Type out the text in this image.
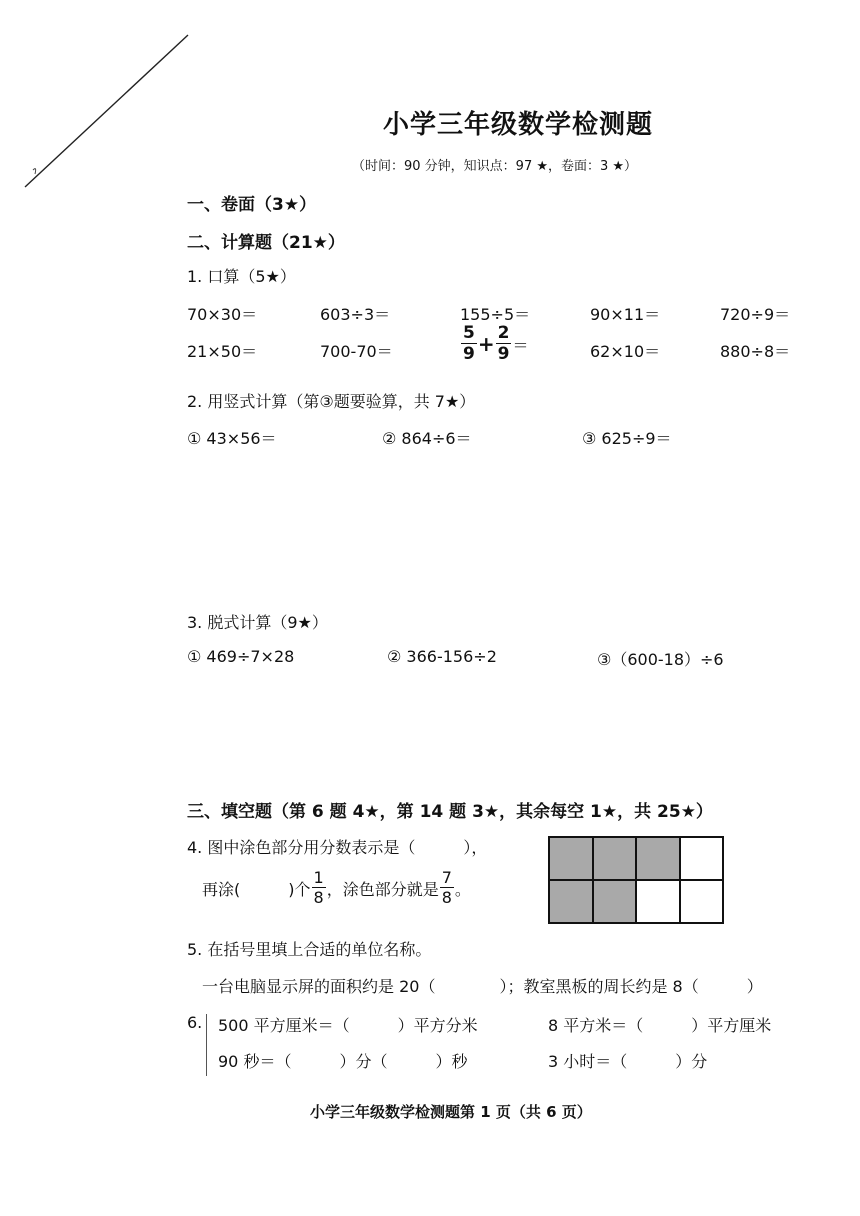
小学三年级数学检测题
（时间：90 分钟，知识点：97 ★，卷面：3 ★）
一、卷面（3★）
二、计算题（21★）
1. 口算（5★）
70×30＝	603÷3＝	155÷5＝	90×11＝	720÷9＝
21×50＝	700-70＝	$\frac{5}{9} + \frac{2}{9}$ ＝	62×10＝	880÷8＝
2. 用竖式计算（第③题要验算，共 7★）
① 43×56＝	② 864÷6＝	③ 625÷9＝
3. 脱式计算（9★）
① 469÷7×28	② 366-156÷2	③（600-18）÷6
三、填空题（第 6 题 4★，第 14 题 3★，其余每空 1★，共 25★）
4. 图中涂色部分用分数表示是（　　　），
再涂(　　　)个 $\frac{1}{8}$ ，涂色部分就是 $\frac{7}{8}$ 。
5. 在括号里填上合适的单位名称。
一台电脑显示屏的面积约是 20（　　　　）；教室黑板的周长约是 8（　　　）
6. 500 平方厘米＝（　　　）平方分米	8 平方米＝（　　　）平方厘米
90 秒＝（　　　）分（　　　）秒	3 小时＝（　　　）分
小学三年级数学检测题第 1 页（共 6 页）
